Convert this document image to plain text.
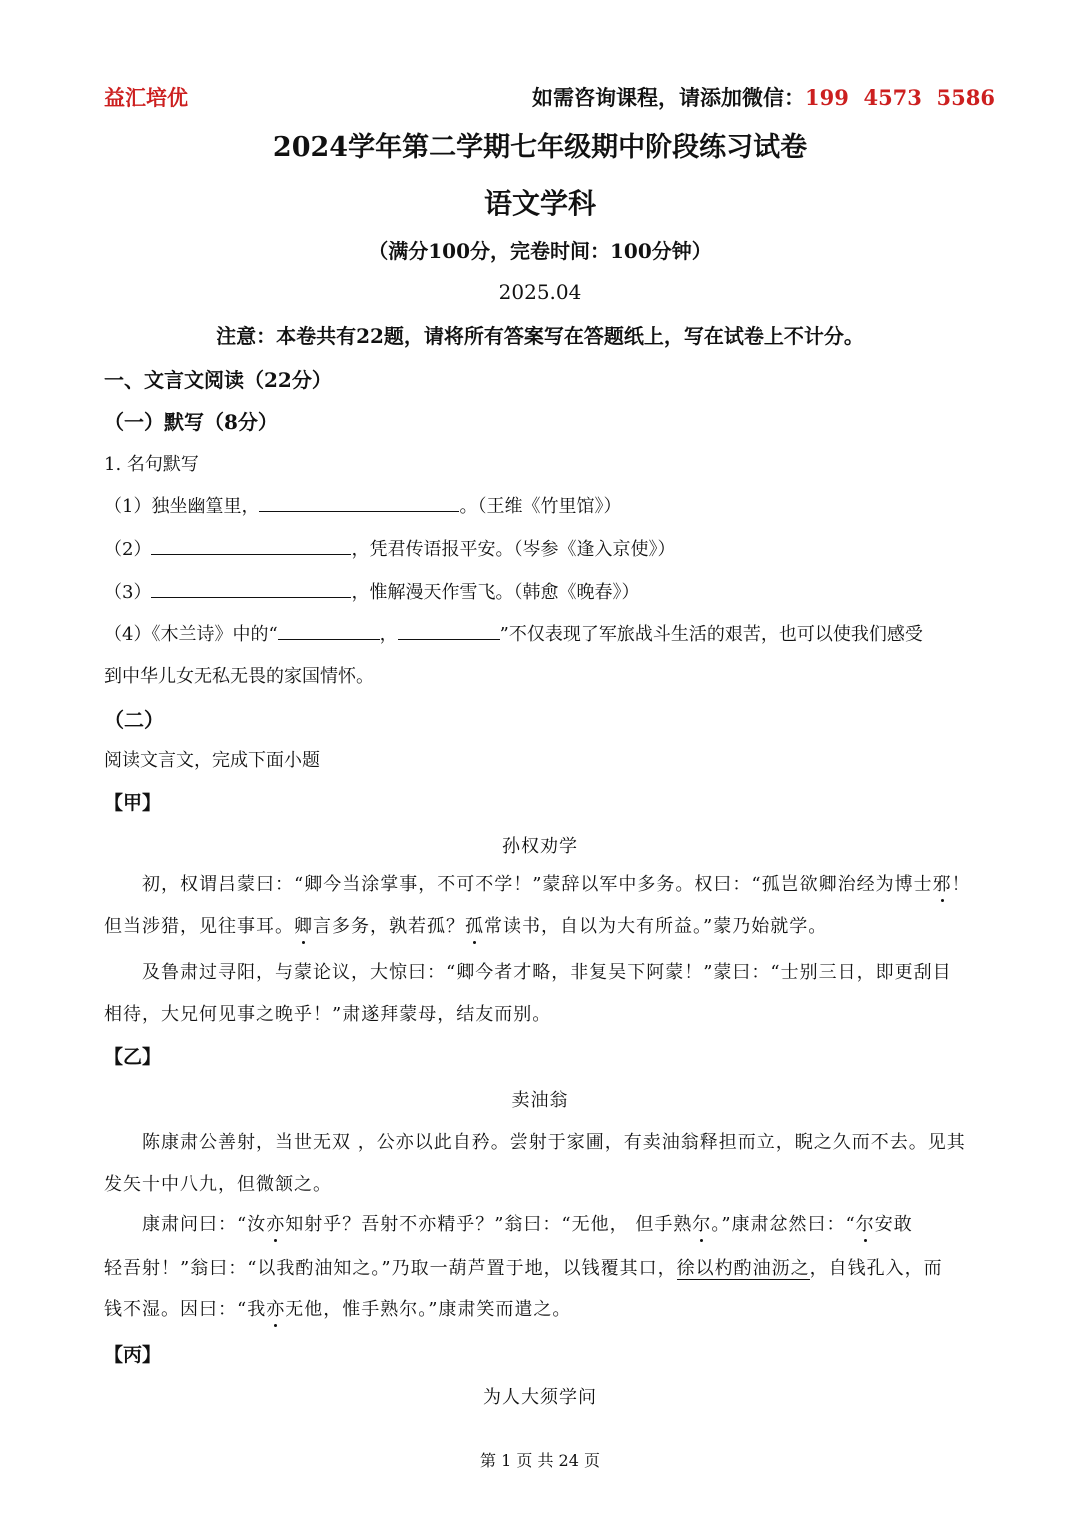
益汇培优	如需咨询课程，请添加微信：199  4573  5586
2024学年第二学期七年级期中阶段练习试卷
语文学科
（满分100分，完卷时间：100分钟）
2025.04
注意：本卷共有22题，请将所有答案写在答题纸上，写在试卷上不计分。
一、文言文阅读（22分）
（一）默写（8分）
1. 名句默写
（1）独坐幽篁里，	。（王维《竹里馆》）
（2）	，凭君传语报平安。（岑参《逢入京使》）
（3）	，惟解漫天作雪飞。（韩愈《晚春》）
（4）《木兰诗》中的“	，	”不仅表现了军旅战斗生活的艰苦，也可以使我们感受
到中华儿女无私无畏的家国情怀。
（二）
阅读文言文，完成下面小题
【甲】
孙权劝学
初，权谓吕蒙曰：“卿今当涂掌事，不可不学！”蒙辞以军中多务。权曰：“孤岂欲卿治经为博士邪！
但当涉猎，见往事耳。卿言多务，孰若孤？孤常读书，自以为大有所益。”蒙乃始就学。
及鲁肃过寻阳，与蒙论议，大惊曰：“卿今者才略，非复吴下阿蒙！”蒙曰：“士别三日，即更刮目
相待，大兄何见事之晚乎！”肃遂拜蒙母，结友而别。
【乙】
卖油翁
陈康肃公善射，当世无双 ，公亦以此自矜。尝射于家圃，有卖油翁释担而立，睨之久而不去。见其
发矢十中八九，但微颔之。
康肃问曰：“汝亦知射乎？吾射不亦精乎？”翁曰：“无他， 但手熟尔。”康肃忿然曰：“尔安敢
轻吾射！”翁曰：“以我酌油知之。”乃取一葫芦置于地，以钱覆其口，徐以杓酌油沥之，自钱孔入，而
钱不湿。因曰：“我亦无他，惟手熟尔。”康肃笑而遣之。
【丙】
为人大须学问
第 1 页 共 24 页
